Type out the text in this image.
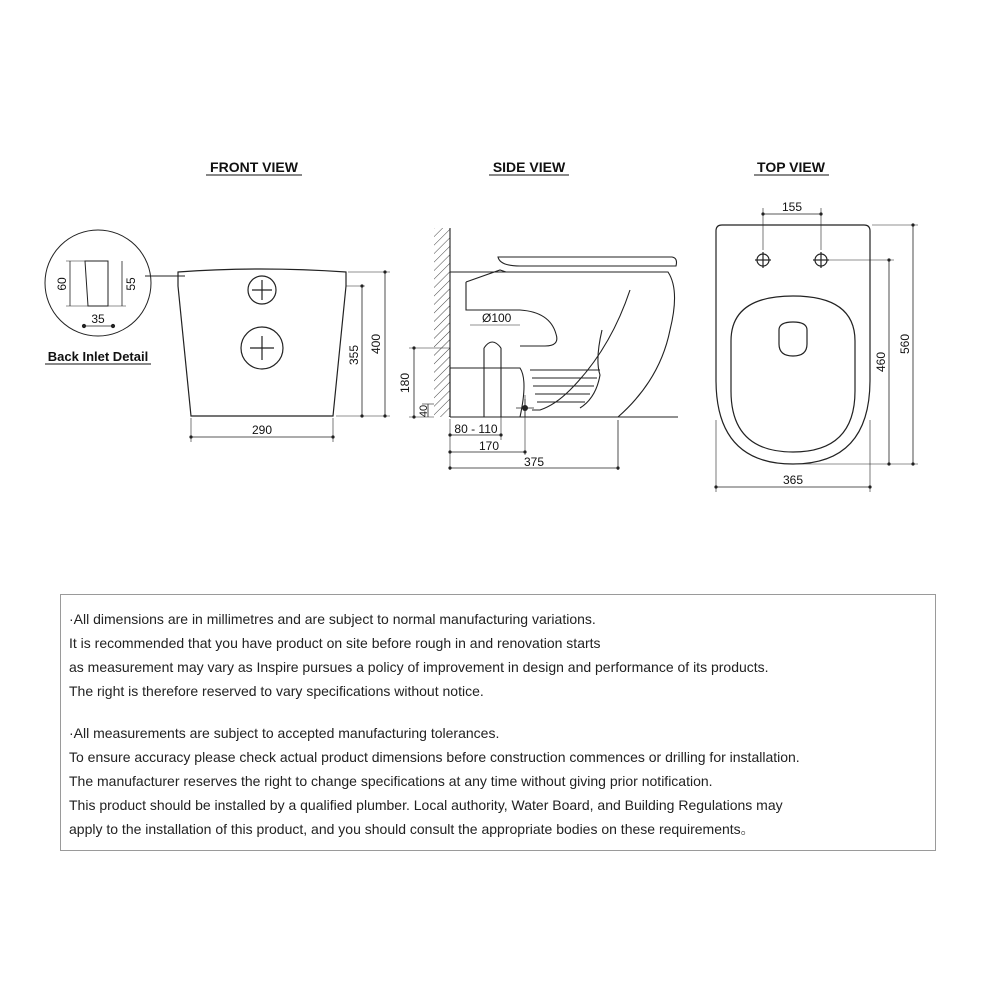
FRONT VIEW	SIDE VIEW	TOP VIEW
60	55
35
Back Inlet Detail
290
355
400
Ø100
180
40
80 - 110
170
375
155
460
560
365
·All dimensions are in millimetres and are subject to normal manufacturing variations.
It is recommended that you have product on site before rough in and renovation starts
as measurement may vary as Inspire pursues a policy of improvement in design and performance of its products.
The right is therefore reserved to vary specifications without notice.
·All measurements are subject to accepted manufacturing tolerances.
To ensure accuracy please check actual product dimensions before construction commences or drilling for installation.
The manufacturer reserves the right to change specifications at any time without giving prior notification.
This product should be installed by a qualified plumber. Local authority, Water Board, and Building Regulations may
apply to the installation of this product, and you should consult the appropriate bodies on these requirements。
